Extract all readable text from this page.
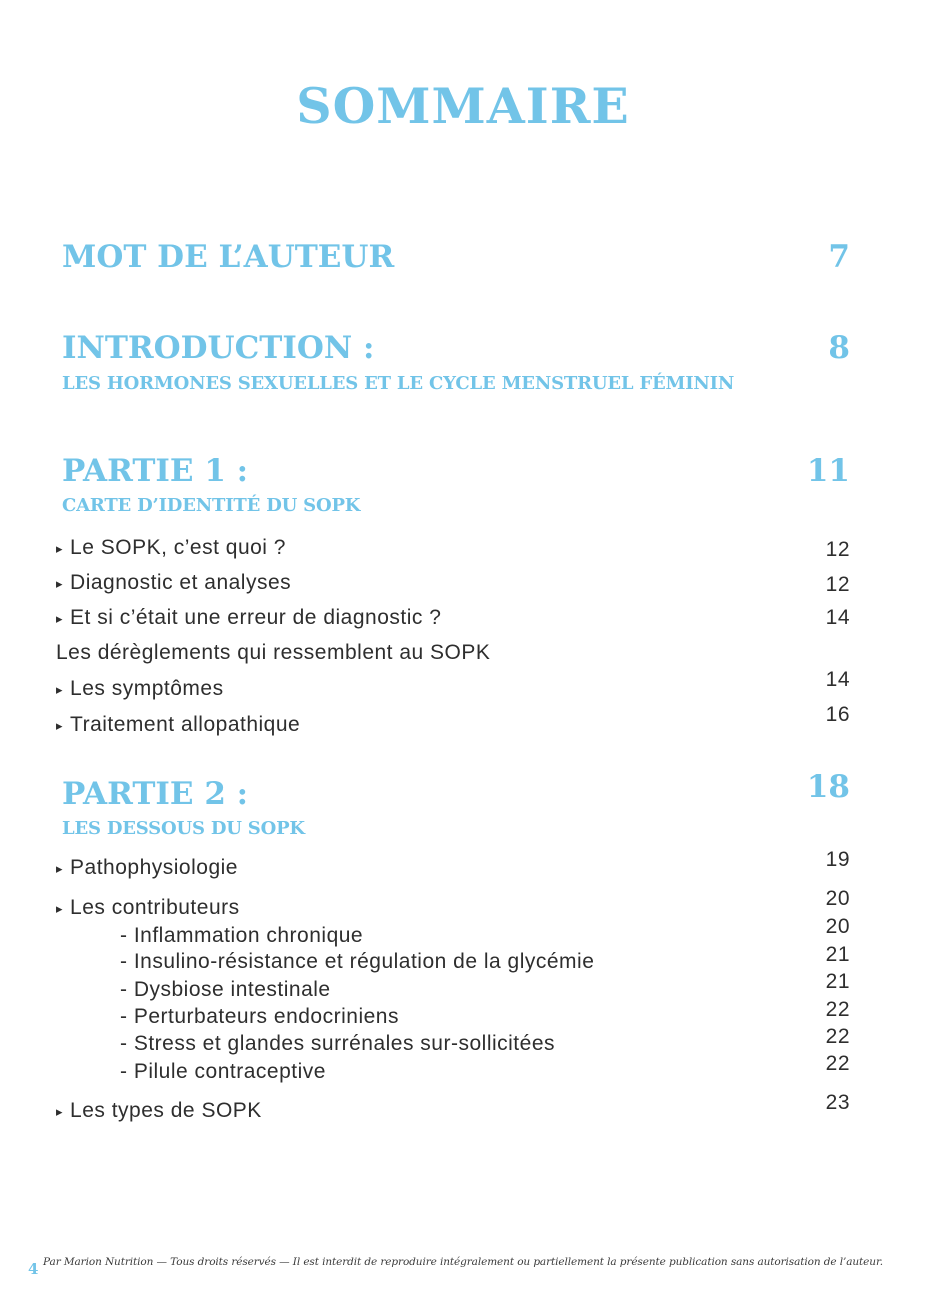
SOMMAIRE
MOT DE L’AUTEUR	7
INTRODUCTION :	8
LES HORMONES SEXUELLES ET LE CYCLE MENSTRUEL FÉMININ
PARTIE 1 :	11
CARTE D’IDENTITÉ DU SOPK
▸ Le SOPK, c’est quoi ?	12
▸ Diagnostic et analyses	12
▸ Et si c’était une erreur de diagnostic ?	14
Les dérèglements qui ressemblent au SOPK
▸ Les symptômes	14
▸ Traitement allopathique	16
PARTIE 2 :	18
LES DESSOUS DU SOPK
▸ Pathophysiologie	19
▸ Les contributeurs	20
- Inflammation chronique	20
- Insulino-résistance et régulation de la glycémie	21
- Dysbiose intestinale	21
- Perturbateurs endocriniens	22
- Stress et glandes surrénales sur-sollicitées	22
- Pilule contraceptive	22
▸ Les types de SOPK	23
Par Marion Nutrition — Tous droits réservés — Il est interdit de reproduire intégralement ou partiellement la présente publication sans autorisation de l’auteur.
4
